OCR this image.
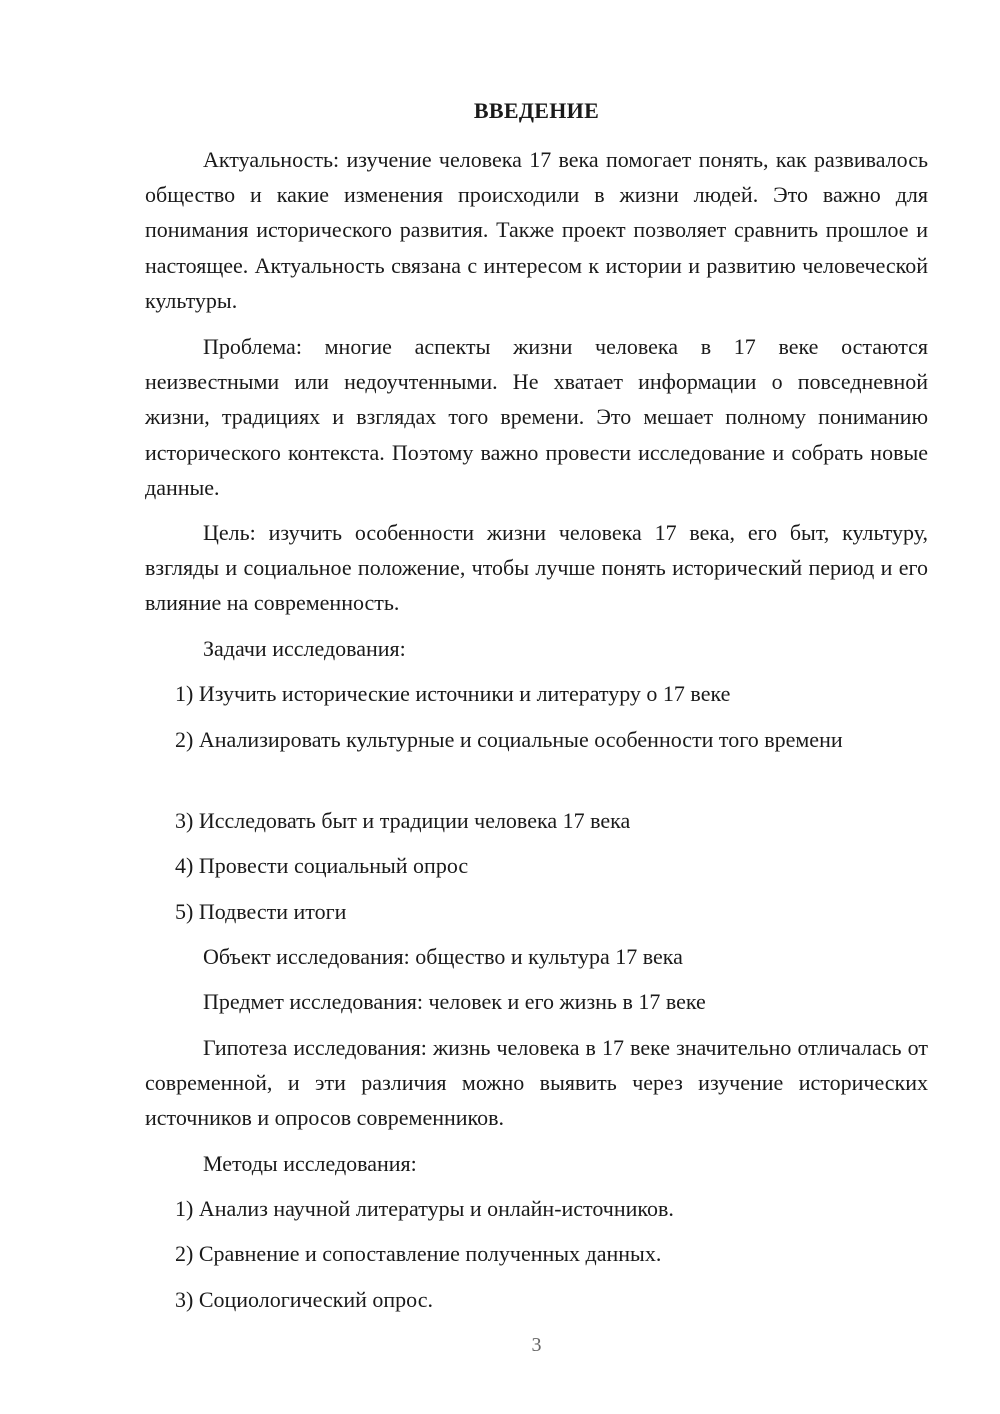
ВВЕДЕНИЕ

Актуальность: изучение человека 17 века помогает понять, как развивалось общество и какие изменения происходили в жизни людей. Это важно для понимания исторического развития. Также проект позволяет сравнить прошлое и настоящее. Актуальность связана с интересом к истории и развитию человеческой культуры.

Проблема: многие аспекты жизни человека в 17 веке остаются неизвестными или недоучтенными. Не хватает информации о повседневной жизни, традициях и взглядах того времени. Это мешает полному пониманию исторического контекста. Поэтому важно провести исследование и собрать новые данные.

Цель: изучить особенности жизни человека 17 века, его быт, культуру, взгляды и социальное положение, чтобы лучше понять исторический период и его влияние на современность.

Задачи исследования:

1) Изучить исторические источники и литературу о 17 веке

2) Анализировать культурные и социальные особенности того времени

3) Исследовать быт и традиции человека 17 века

4) Провести социальный опрос

5) Подвести итоги

Объект исследования: общество и культура 17 века

Предмет исследования: человек и его жизнь в 17 веке

Гипотеза исследования: жизнь человека в 17 веке значительно отличалась от современной, и эти различия можно выявить через изучение исторических источников и опросов современников.

Методы исследования:

1) Анализ научной литературы и онлайн-источников.

2) Сравнение и сопоставление полученных данных.

3) Социологический опрос.

3
